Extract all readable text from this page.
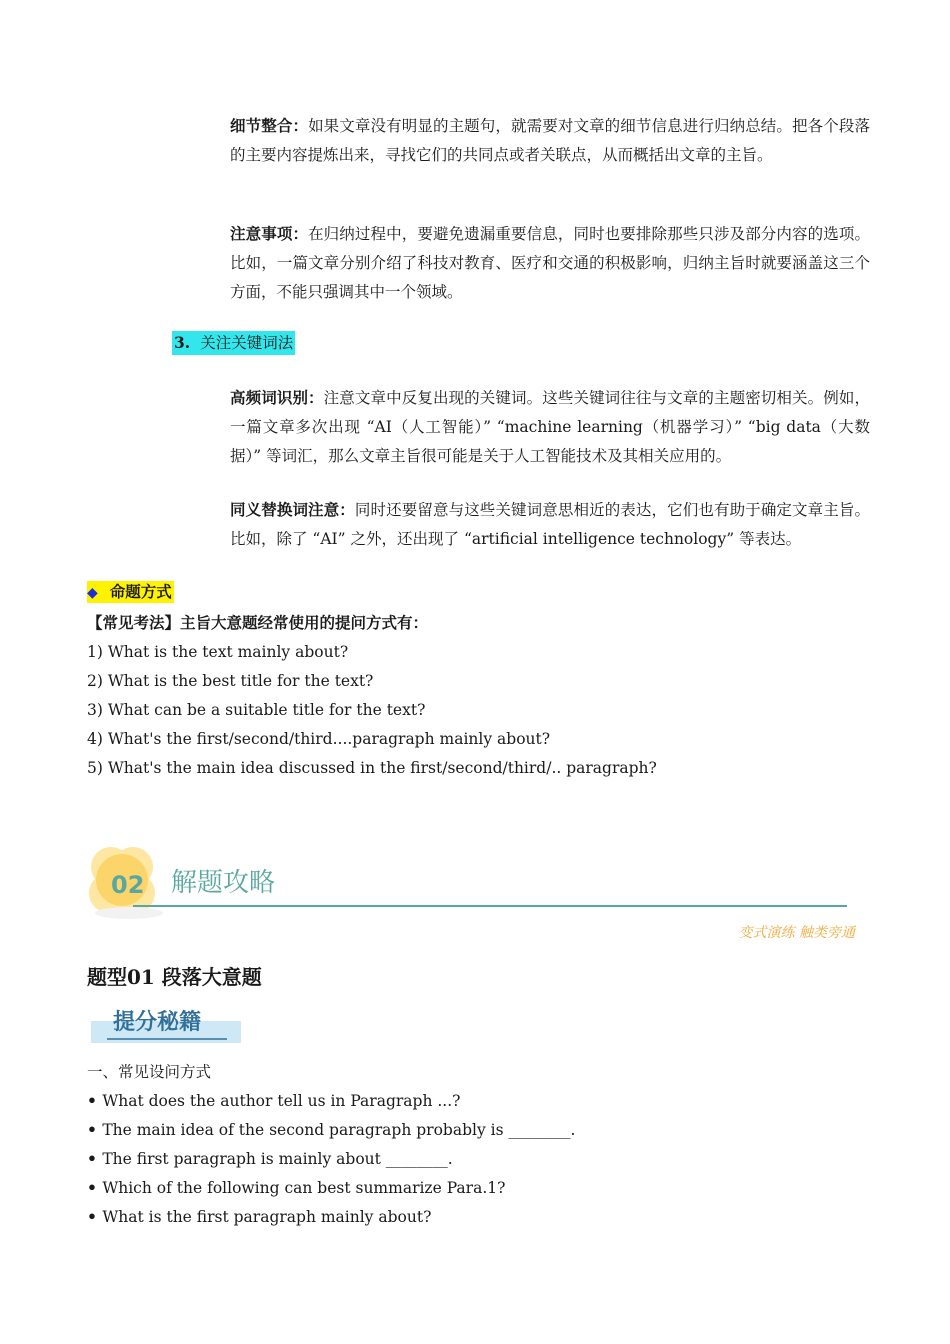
细节整合：如果文章没有明显的主题句，就需要对文章的细节信息进行归纳总结。把各个段落的主要内容提炼出来，寻找它们的共同点或者关联点，从而概括出文章的主旨。
注意事项：在归纳过程中，要避免遗漏重要信息，同时也要排除那些只涉及部分内容的选项。比如，一篇文章分别介绍了科技对教育、医疗和交通的积极影响，归纳主旨时就要涵盖这三个方面，不能只强调其中一个领域。
3. 关注关键词法
高频词识别：注意文章中反复出现的关键词。这些关键词往往与文章的主题密切相关。例如，一篇文章多次出现 “AI（人工智能）” “machine learning（机器学习）” “big data（大数据）” 等词汇，那么文章主旨很可能是关于人工智能技术及其相关应用的。
同义替换词注意：同时还要留意与这些关键词意思相近的表达，它们也有助于确定文章主旨。比如，除了 “AI” 之外，还出现了 “artificial intelligence technology” 等表达。
◆ 命题方式
【常见考法】主旨大意题经常使用的提问方式有：
1) What is the text mainly about?
2) What is the best title for the text?
3) What can be a suitable title for the text?
4) What's the first/second/third....paragraph mainly about?
5) What's the main idea discussed in the first/second/third/.. paragraph?
02 解题攻略
变式演练 触类旁通
题型01 段落大意题
提分秘籍
一、常见设问方式
• What does the author tell us in Paragraph ...?
• The main idea of the second paragraph probably is ________.
• The first paragraph is mainly about ________.
• Which of the following can best summarize Para.1?
• What is the first paragraph mainly about?
